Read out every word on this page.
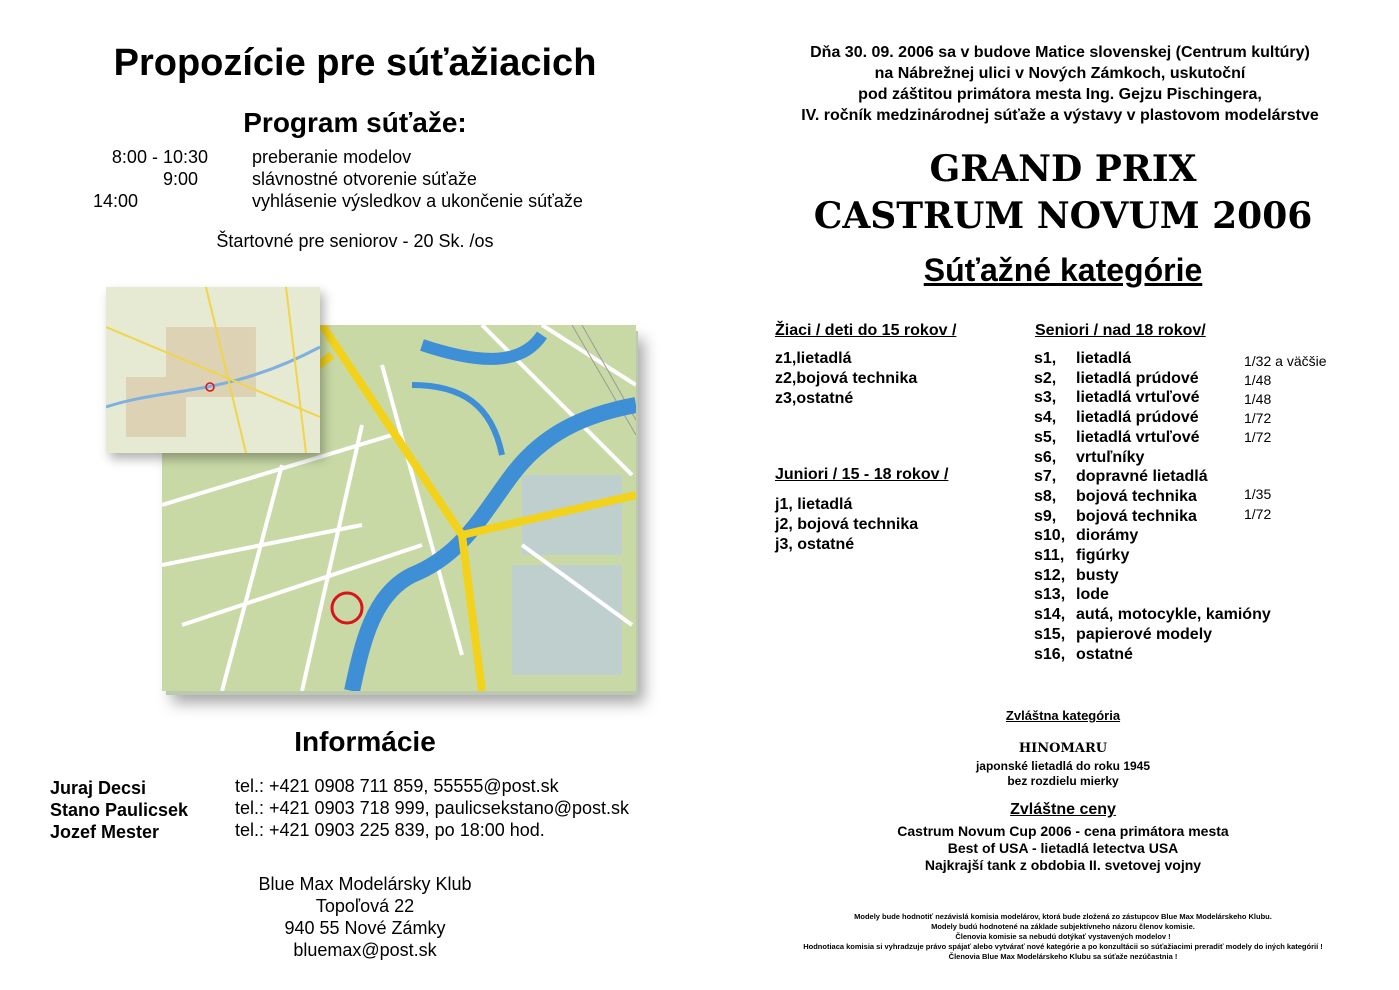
Propozície pre súťažiacich
Program súťaže:
8:00 - 10:30 preberanie modelov
9:00	slávnostné otvorenie súťaže
14:00	vyhlásenie výsledkov a ukončenie súťaže
Štartovné pre seniorov - 20 Sk. /os
Informácie
Juraj Decsi	tel.: +421 0908 711 859, 55555@post.sk
Stano Paulicsek	tel.: +421 0903 718 999, paulicsekstano@post.sk
Jozef Mester	tel.: +421 0903 225 839, po 18:00 hod.
Blue Max Modelársky Klub
Topoľová 22
940 55 Nové Zámky
bluemax@post.sk
Dňa 30. 09. 2006 sa v budove Matice slovenskej (Centrum kultúry)
na Nábrežnej ulici v Nových Zámkoch, uskutoční
pod záštitou primátora mesta Ing. Gejzu Pischingera,
IV. ročník medzinárodnej súťaže a výstavy v plastovom modelárstve
GRAND PRIX
CASTRUM NOVUM 2006
Súťažné kategórie
Žiaci / deti do 15 rokov /
z1,lietadlá
z2,bojová technika
z3,ostatné
Juniori / 15 - 18 rokov /
j1, lietadlá
j2, bojová technika
j3, ostatné
Seniori / nad 18 rokov/
s1, lietadlá	1/32 a väčšie
s2, lietadlá prúdové	1/48
s3, lietadlá vrtuľové	1/48
s4, lietadlá prúdové	1/72
s5, lietadlá vrtuľové	1/72
s6, vrtuľníky
s7, dopravné lietadlá
s8, bojová technika	1/35
s9, bojová technika	1/72
s10, diorámy
s11, figúrky
s12, busty
s13, lode
s14, autá, motocykle, kamióny
s15, papierové modely
s16, ostatné
Zvláštna kategória
HINOMARU
japonské lietadlá do roku 1945
bez rozdielu mierky
Zvláštne ceny
Castrum Novum Cup 2006 - cena primátora mesta
Best of USA - lietadlá letectva USA
Najkrajší tank z obdobia II. svetovej vojny
Modely bude hodnotiť nezávislá komisia modelárov, ktorá bude zložená zo zástupcov Blue Max Modelárskeho Klubu.
Modely budú hodnotené na základe subjektívneho názoru členov komisie.
Členovia komisie sa nebudú dotýkať vystavených modelov !
Hodnotiaca komisia si vyhradzuje právo spájať alebo vytvárať nové kategórie a po konzultácii so súťažiacimi preradiť modely do iných kategórií !
Členovia Blue Max Modelárskeho Klubu sa súťaže nezúčastnia !
